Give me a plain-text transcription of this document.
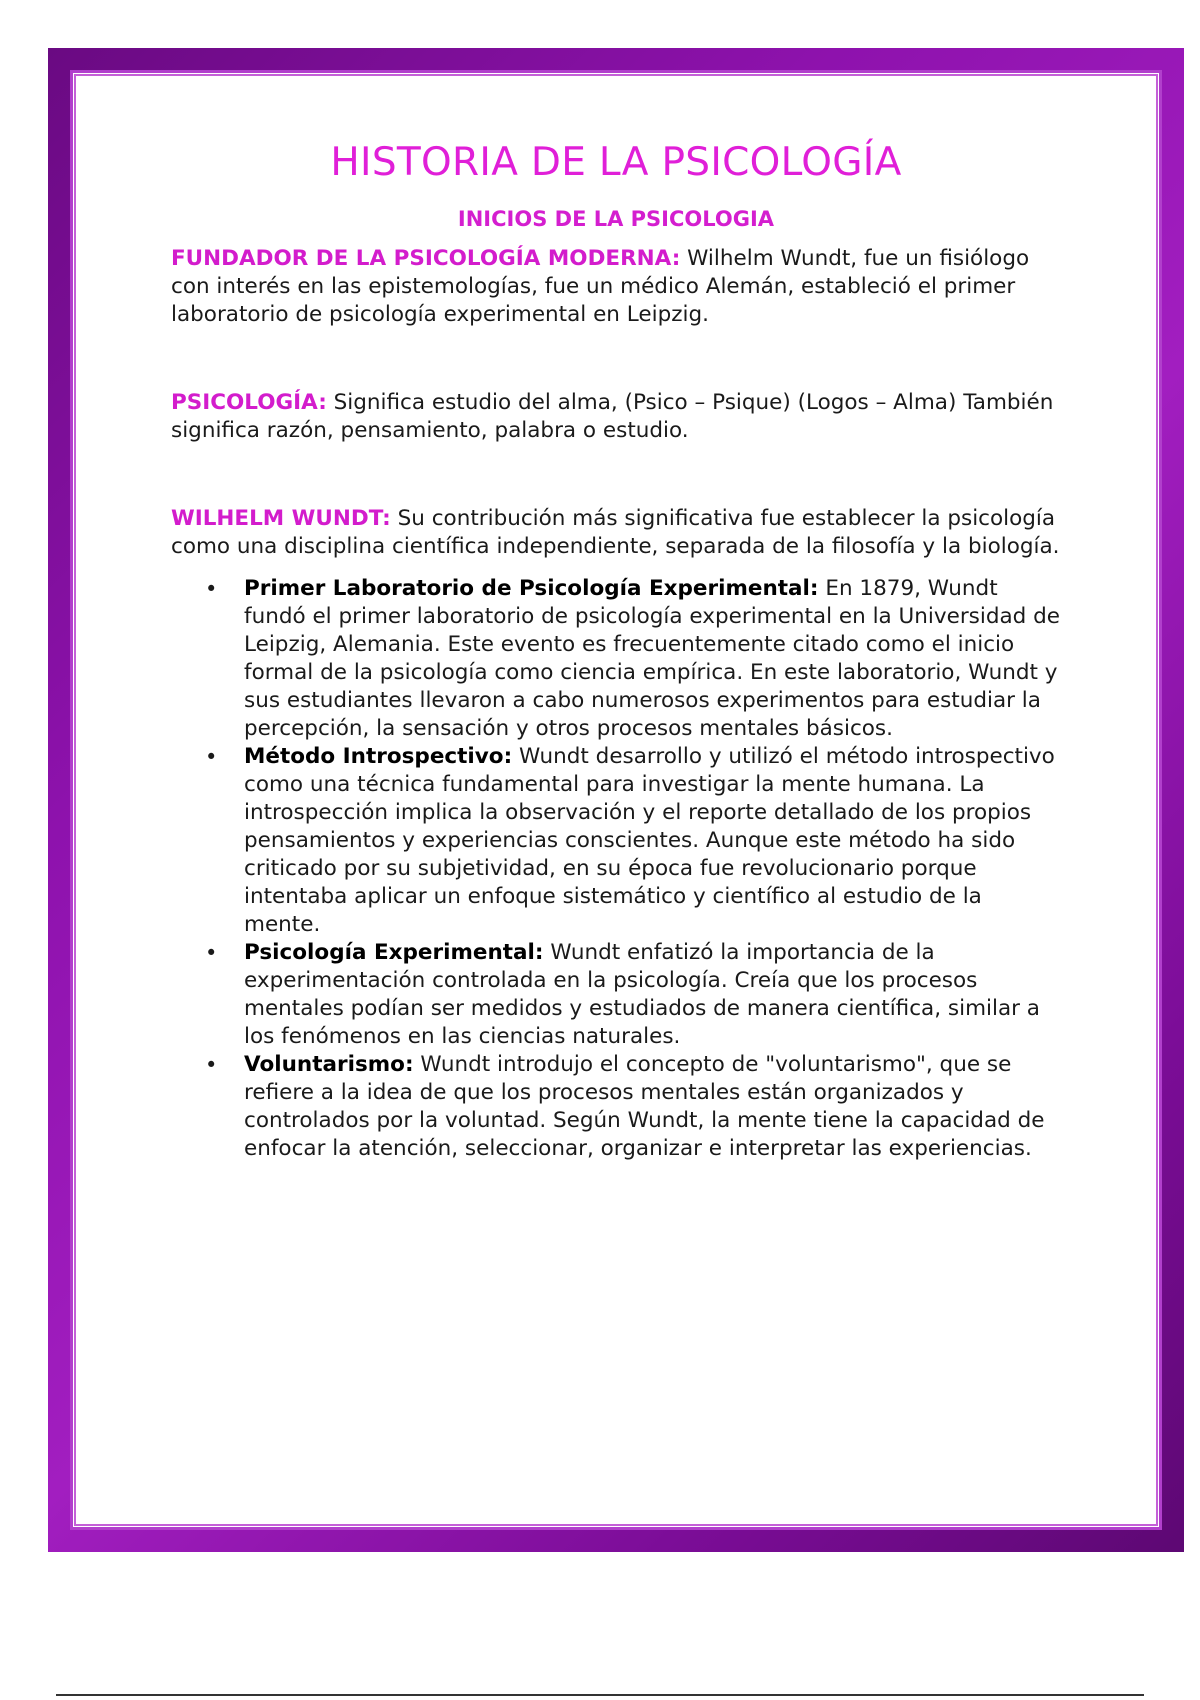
HISTORIA DE LA PSICOLOGÍA
INICIOS DE LA PSICOLOGIA

FUNDADOR DE LA PSICOLOGÍA MODERNA: Wilhelm Wundt, fue un fisiólogo con interés en las epistemologías, fue un médico Alemán, estableció el primer laboratorio de psicología experimental en Leipzig.

PSICOLOGÍA: Significa estudio del alma, (Psico – Psique) (Logos – Alma) También significa razón, pensamiento, palabra o estudio.

WILHELM WUNDT: Su contribución más significativa fue establecer la psicología como una disciplina científica independiente, separada de la filosofía y la biología.

• Primer Laboratorio de Psicología Experimental: En 1879, Wundt fundó el primer laboratorio de psicología experimental en la Universidad de Leipzig, Alemania. Este evento es frecuentemente citado como el inicio formal de la psicología como ciencia empírica. En este laboratorio, Wundt y sus estudiantes llevaron a cabo numerosos experimentos para estudiar la percepción, la sensación y otros procesos mentales básicos.
• Método Introspectivo: Wundt desarrollo y utilizó el método introspectivo como una técnica fundamental para investigar la mente humana. La introspección implica la observación y el reporte detallado de los propios pensamientos y experiencias conscientes. Aunque este método ha sido criticado por su subjetividad, en su época fue revolucionario porque intentaba aplicar un enfoque sistemático y científico al estudio de la mente.
• Psicología Experimental: Wundt enfatizó la importancia de la experimentación controlada en la psicología. Creía que los procesos mentales podían ser medidos y estudiados de manera científica, similar a los fenómenos en las ciencias naturales.
• Voluntarismo: Wundt introdujo el concepto de "voluntarismo", que se refiere a la idea de que los procesos mentales están organizados y controlados por la voluntad. Según Wundt, la mente tiene la capacidad de enfocar la atención, seleccionar, organizar e interpretar las experiencias.
